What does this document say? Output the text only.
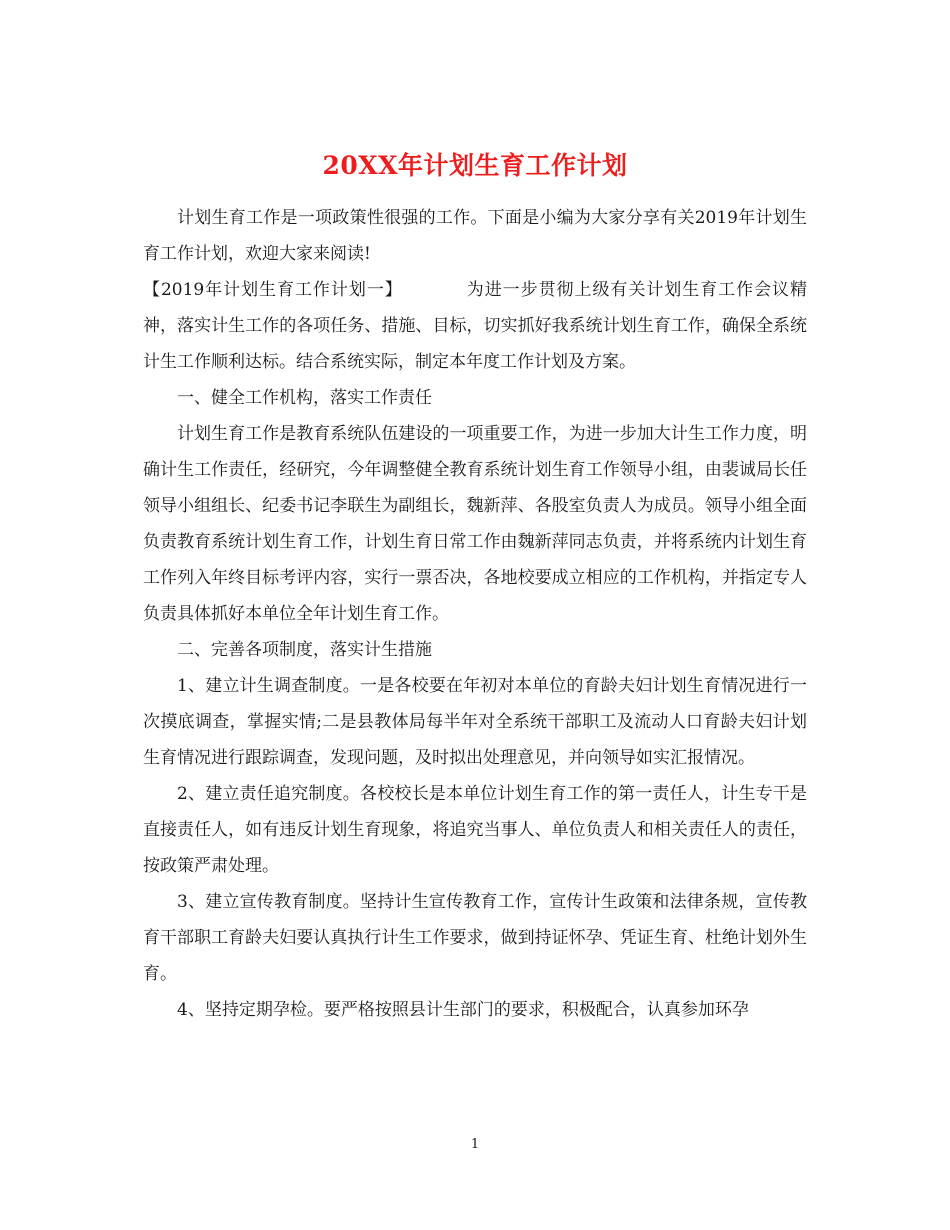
20XX年计划生育工作计划

计划生育工作是一项政策性很强的工作。下面是小编为大家分享有关2019年计划生育工作计划，欢迎大家来阅读!

【2019年计划生育工作计划一】	为进一步贯彻上级有关计划生育工作会议精神，落实计生工作的各项任务、措施、目标，切实抓好我系统计划生育工作，确保全系统计生工作顺利达标。结合系统实际，制定本年度工作计划及方案。

一、健全工作机构，落实工作责任

计划生育工作是教育系统队伍建设的一项重要工作，为进一步加大计生工作力度，明确计生工作责任，经研究，今年调整健全教育系统计划生育工作领导小组，由裴诚局长任领导小组组长、纪委书记李联生为副组长，魏新萍、各股室负责人为成员。领导小组全面负责教育系统计划生育工作，计划生育日常工作由魏新萍同志负责，并将系统内计划生育工作列入年终目标考评内容，实行一票否决，各地校要成立相应的工作机构，并指定专人负责具体抓好本单位全年计划生育工作。

二、完善各项制度，落实计生措施

1、建立计生调查制度。一是各校要在年初对本单位的育龄夫妇计划生育情况进行一次摸底调查，掌握实情;二是县教体局每半年对全系统干部职工及流动人口育龄夫妇计划生育情况进行跟踪调查，发现问题，及时拟出处理意见，并向领导如实汇报情况。

2、建立责任追究制度。各校校长是本单位计划生育工作的第一责任人，计生专干是直接责任人，如有违反计划生育现象，将追究当事人、单位负责人和相关责任人的责任，按政策严肃处理。

3、建立宣传教育制度。坚持计生宣传教育工作，宣传计生政策和法律条规，宣传教育干部职工育龄夫妇要认真执行计生工作要求，做到持证怀孕、凭证生育、杜绝计划外生育。

4、坚持定期孕检。要严格按照县计生部门的要求，积极配合，认真参加环孕

1
